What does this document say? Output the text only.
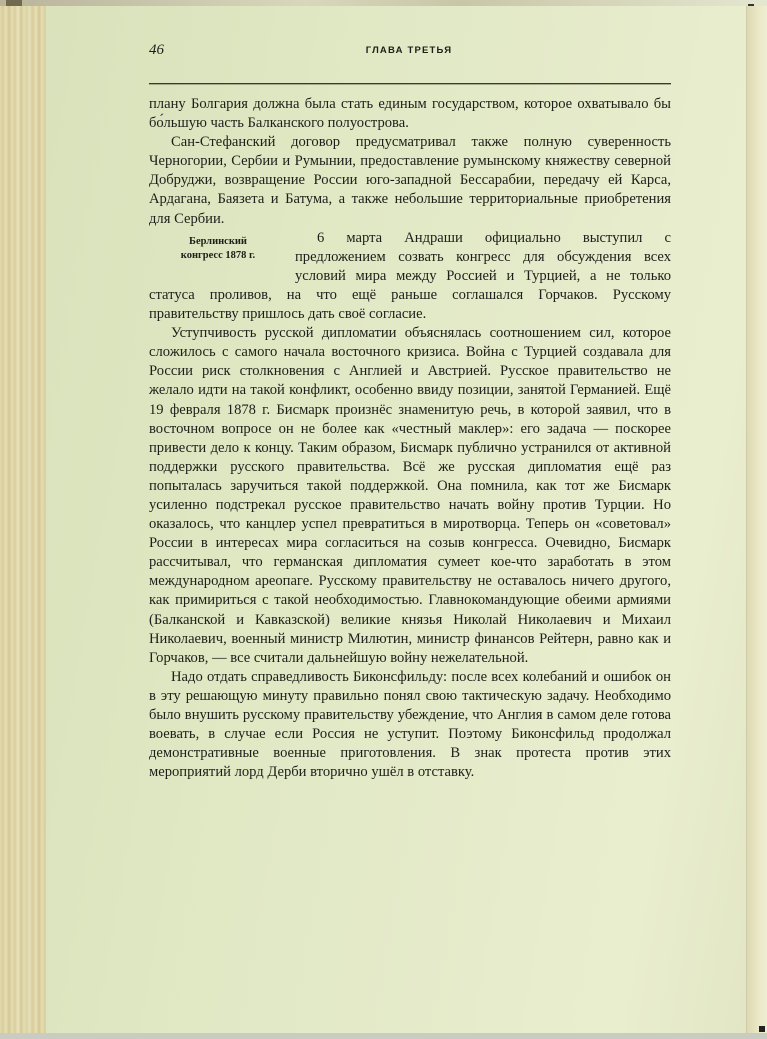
46	ГЛАВА ТРЕТЬЯ

плану Болгария должна была стать единым государством, которое охватывало бы бо́льшую часть Балканского полуострова.

Сан-Стефанский договор предусматривал также полную суверенность Черногории, Сербии и Румынии, предоставление румынскому княжеству северной Добруджи, возвращение России юго-западной Бессарабии, передачу ей Карса, Ардагана, Баязета и Батума, а также небольшие территориальные приобретения для Сербии.

Берлинский
конгресс 1878 г.

6 марта Андраши официально выступил с предложением созвать конгресс для обсуждения всех условий мира между Россией и Турцией, а не только статуса проливов, на что ещё раньше соглашался Горчаков. Русскому правительству пришлось дать своё согласие.

Уступчивость русской дипломатии объяснялась соотношением сил, которое сложилось с самого начала восточного кризиса. Война с Турцией создавала для России риск столкновения с Англией и Австрией. Русское правительство не желало идти на такой конфликт, особенно ввиду позиции, занятой Германией. Ещё 19 февраля 1878 г. Бисмарк произнёс знаменитую речь, в которой заявил, что в восточном вопросе он не более как «честный маклер»: его задача — поскорее привести дело к концу. Таким образом, Бисмарк публично устранился от активной поддержки русского правительства. Всё же русская дипломатия ещё раз попыталась заручиться такой поддержкой. Она помнила, как тот же Бисмарк усиленно подстрекал русское правительство начать войну против Турции. Но оказалось, что канцлер успел превратиться в миротворца. Теперь он «советовал» России в интересах мира согласиться на созыв конгресса. Очевидно, Бисмарк рассчитывал, что германская дипломатия сумеет кое-что заработать в этом международном ареопаге. Русскому правительству не оставалось ничего другого, как примириться с такой необходимостью. Главнокомандующие обеими армиями (Балканской и Кавказской) великие князья Николай Николаевич и Михаил Николаевич, военный министр Милютин, министр финансов Рейтерн, равно как и Горчаков, — все считали дальнейшую войну нежелательной.

Надо отдать справедливость Биконсфильду: после всех колебаний и ошибок он в эту решающую минуту правильно понял свою тактическую задачу. Необходимо было внушить русскому правительству убеждение, что Англия в самом деле готова воевать, в случае если Россия не уступит. Поэтому Биконсфильд продолжал демонстративные военные приготовления. В знак протеста против этих мероприятий лорд Дерби вторично ушёл в отставку.
